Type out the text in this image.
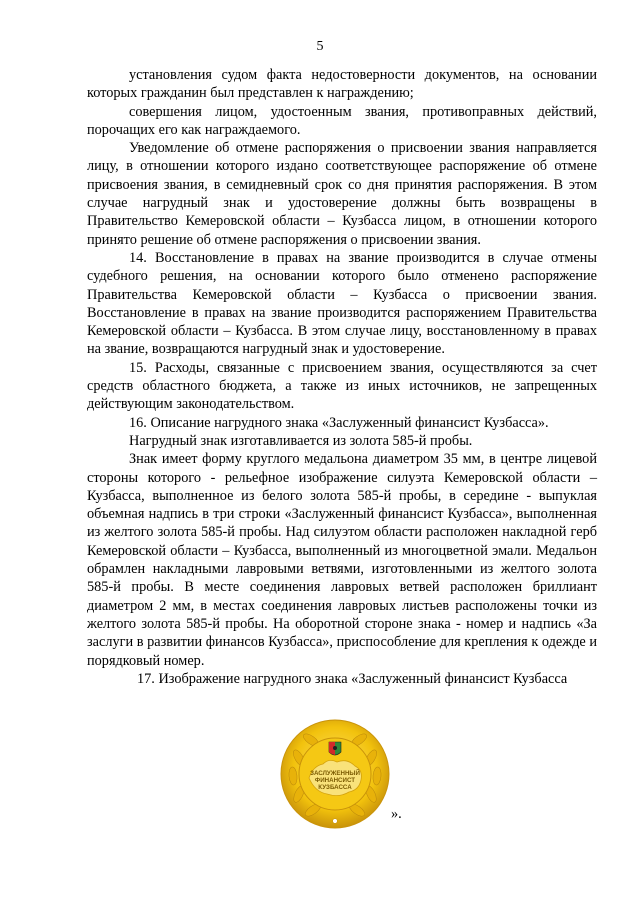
5

установления судом факта недостоверности документов, на основании которых гражданин был представлен к награждению;

совершения лицом, удостоенным звания, противоправных действий, порочащих его как награждаемого.

Уведомление об отмене распоряжения о присвоении звания направляется лицу, в отношении которого издано соответствующее распоряжение об отмене присвоения звания, в семидневный срок со дня принятия распоряжения. В этом случае нагрудный знак и удостоверение должны быть возвращены в Правительство Кемеровской области – Кузбасса лицом, в отношении которого принято решение об отмене распоряжения о присвоении звания.

14. Восстановление в правах на звание производится в случае отмены судебного решения, на основании которого было отменено распоряжение Правительства Кемеровской области – Кузбасса о присвоении звания. Восстановление в правах на звание производится распоряжением Правительства Кемеровской области – Кузбасса. В этом случае лицу, восстановленному в правах на звание, возвращаются нагрудный знак и удостоверение.

15. Расходы, связанные с присвоением звания, осуществляются за счет средств областного бюджета, а также из иных источников, не запрещенных действующим законодательством.

16. Описание нагрудного знака «Заслуженный финансист Кузбасса».

Нагрудный знак изготавливается из золота 585-й пробы.

Знак имеет форму круглого медальона диаметром 35 мм, в центре лицевой стороны которого - рельефное изображение силуэта Кемеровской области – Кузбасса, выполненное из белого золота 585-й пробы, в середине - выпуклая объемная надпись в три строки «Заслуженный финансист Кузбасса», выполненная из желтого золота 585-й пробы. Над силуэтом области расположен накладной герб Кемеровской области – Кузбасса, выполненный из многоцветной эмали. Медальон обрамлен накладными лавровыми ветвями, изготовленными из желтого золота 585-й пробы. В месте соединения лавровых ветвей расположен бриллиант диаметром 2 мм, в местах соединения лавровых листьев расположены точки из желтого золота 585-й пробы. На оборотной стороне знака - номер и надпись «За заслуги в развитии финансов Кузбасса», приспособление для крепления к одежде и порядковый номер.

17. Изображение нагрудного знака «Заслуженный финансист Кузбасса

ЗАСЛУЖЕННЫЙ
ФИНАНСИСТ
КУЗБАССА
».
